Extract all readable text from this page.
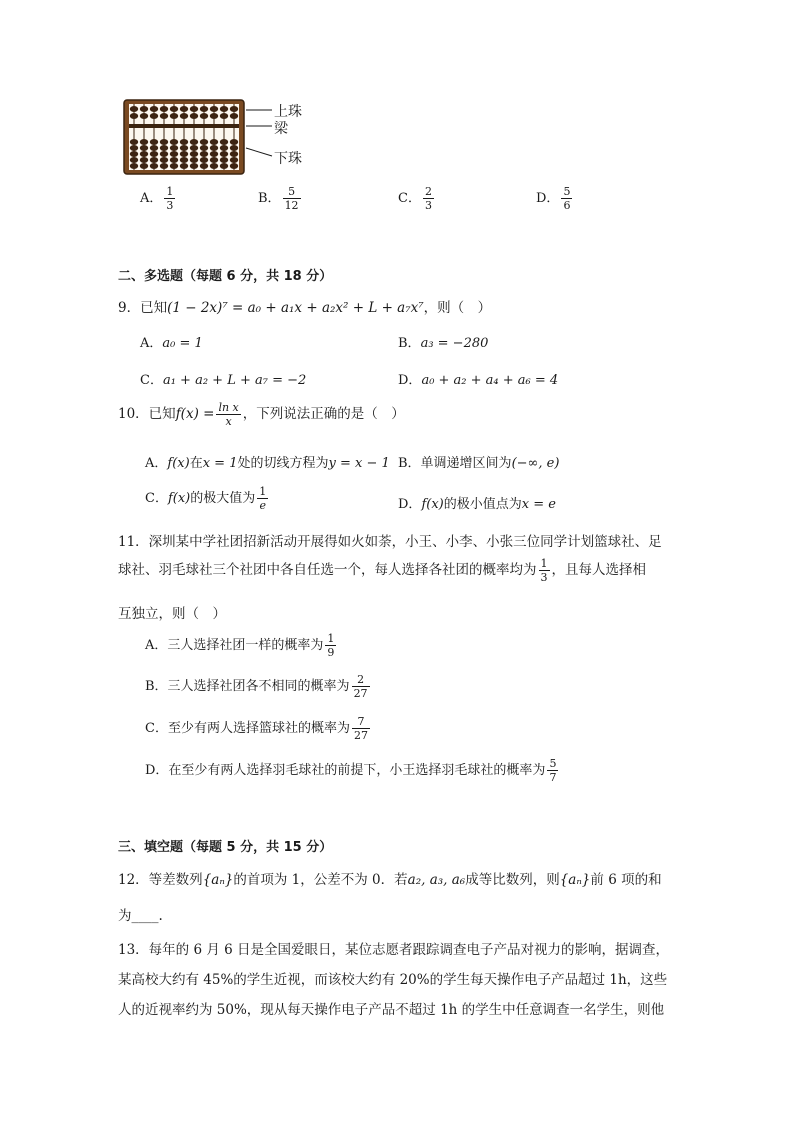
上珠
梁
下珠
A． $\frac{1}{3}$	B． $\frac{5}{12}$	C． $\frac{2}{3}$	D． $\frac{5}{6}$
二、多选题（每题 6 分，共 18 分）
9．已知(1 − 2x)⁷ = a₀ + a₁x + a₂x² + L + a₇x⁷，则（　）
A．a₀ = 1	B．a₃ = −280
C．a₁ + a₂ + L + a₇ = −2	D．a₀ + a₂ + a₄ + a₆ = 4
10．已知$f(x) = \frac{\text{ln x}}{x}$ ，下列说法正确的是（　）
A．f(x)在x = 1处的切线方程为y = x − 1 B．单调递增区间为(−∞, e)
C．f(x)的极大值为 $\frac{1}{e}$	D．f(x)的极小值点为x = e
11．深圳某中学社团招新活动开展得如火如荼，小王、小李、小张三位同学计划篮球社、足
球社、羽毛球社三个社团中各自任选一个，每人选择各社团的概率均为 $\frac{1}{3}$ ，且每人选择相
互独立，则（　）
A．三人选择社团一样的概率为 $\frac{1}{9}$
B．三人选择社团各不相同的概率为 $\frac{2}{27}$
C．至少有两人选择篮球社的概率为 $\frac{7}{27}$
D．在至少有两人选择羽毛球社的前提下，小王选择羽毛球社的概率为 $\frac{5}{7}$
三、填空题（每题 5 分，共 15 分）
12．等差数列{aₙ}的首项为 1，公差不为 0．若a₂, a₃, a₆成等比数列，则{aₙ}前 6 项的和
为____.
13．每年的 6 月 6 日是全国爱眼日，某位志愿者跟踪调查电子产品对视力的影响，据调查，
某高校大约有 45%的学生近视，而该校大约有 20%的学生每天操作电子产品超过 1h，这些
人的近视率约为 50%，现从每天操作电子产品不超过 1h 的学生中任意调查一名学生，则他
